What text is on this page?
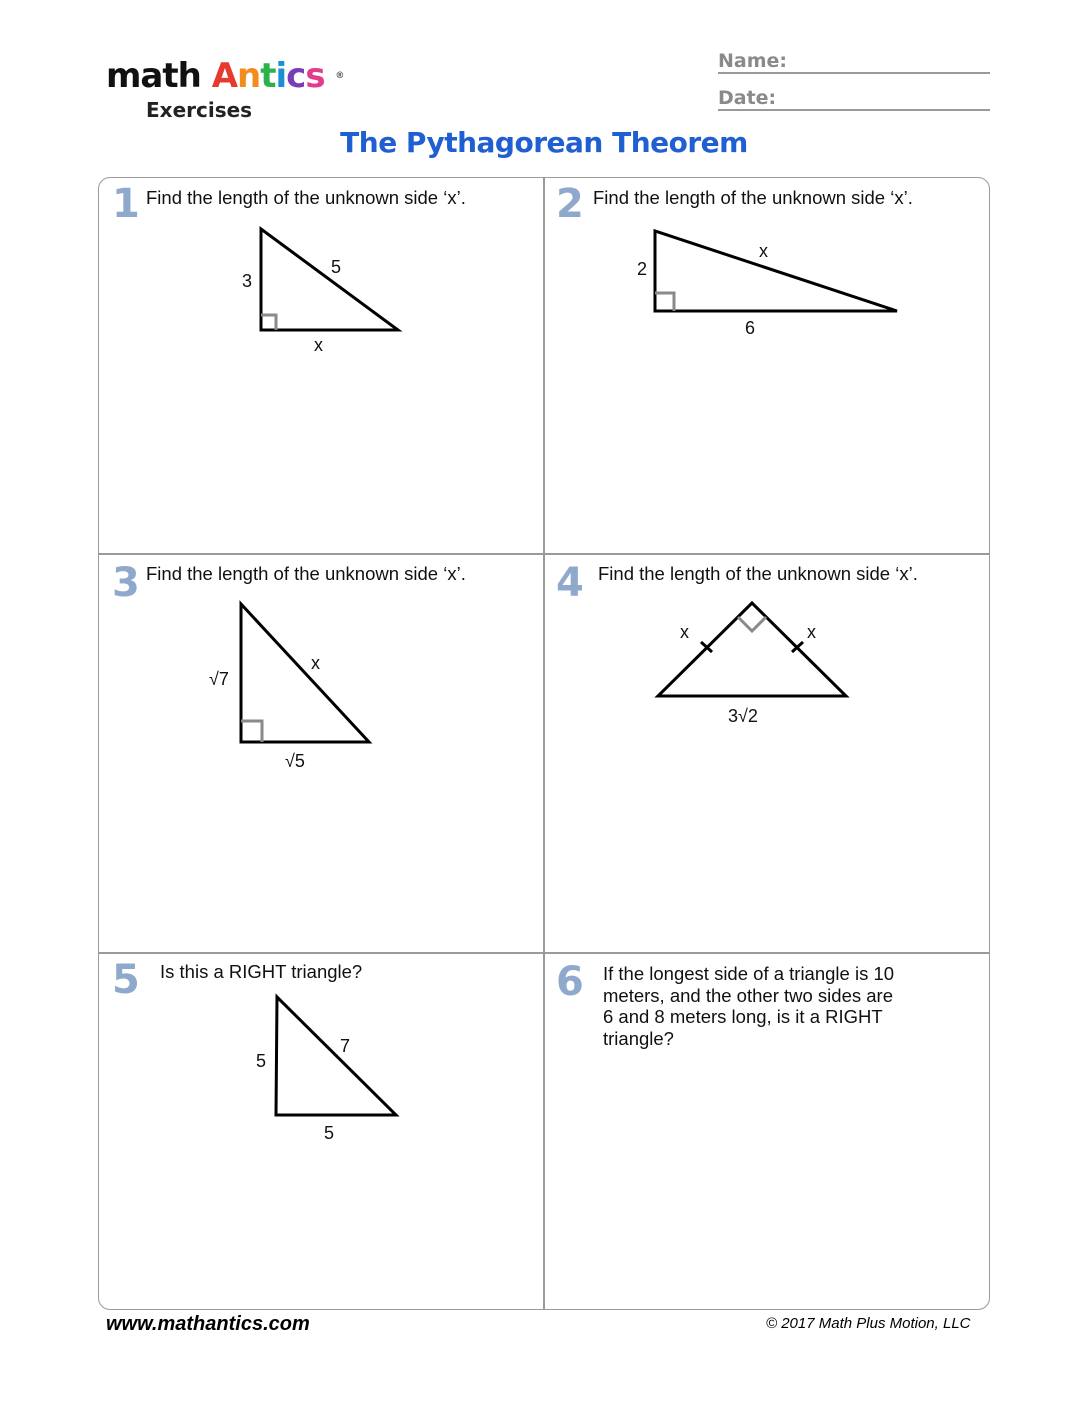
math Antics ®
Exercises
Name:
Date:
The Pythagorean Theorem
1 Find the length of the unknown side ‘x’. 2 Find the length of the unknown side ‘x’.
3 Find the length of the unknown side ‘x’. 4 Find the length of the unknown side ‘x’.
5 Is this a RIGHT triangle?	6 If the longest side of a triangle is 10
meters, and the other two sides are
6 and 8 meters long, is it a RIGHT
triangle?
3
5
x
2
x
6
√7
x
√5
x	x
3√2
5
7
5
www.mathantics.com	© 2017 Math Plus Motion, LLC
